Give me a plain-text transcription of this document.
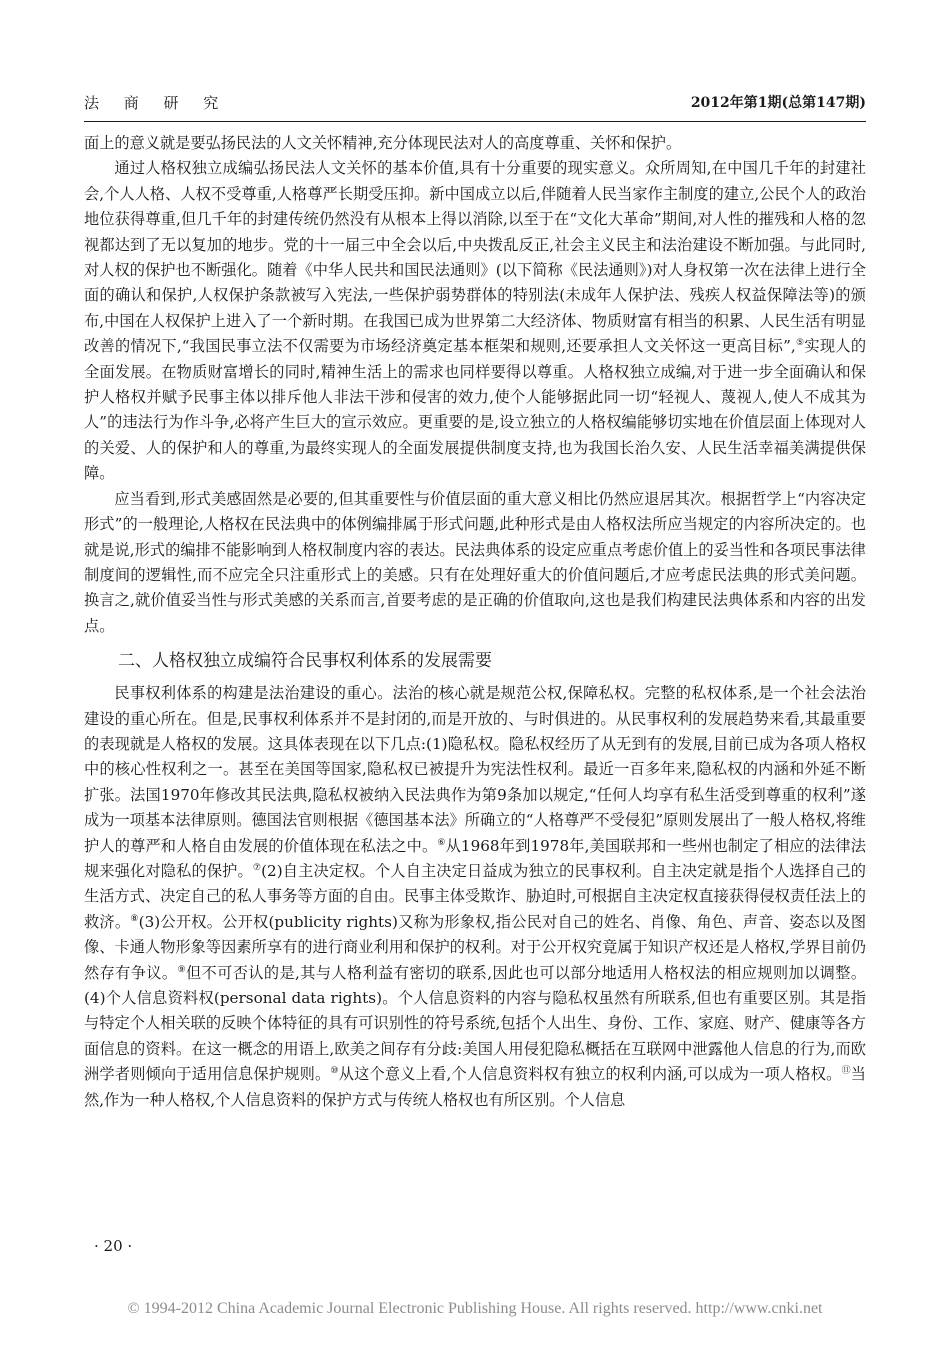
法 商 研 究	2012年第1期(总第147期)

面上的意义就是要弘扬民法的人文关怀精神,充分体现民法对人的高度尊重、关怀和保护。

通过人格权独立成编弘扬民法人文关怀的基本价值,具有十分重要的现实意义。众所周知,在中国几千年的封建社会,个人人格、人权不受尊重,人格尊严长期受压抑。新中国成立以后,伴随着人民当家作主制度的建立,公民个人的政治地位获得尊重,但几千年的封建传统仍然没有从根本上得以消除,以至于在“文化大革命”期间,对人性的摧残和人格的忽视都达到了无以复加的地步。党的十一届三中全会以后,中央拨乱反正,社会主义民主和法治建设不断加强。与此同时,对人权的保护也不断强化。随着《中华人民共和国民法通则》(以下简称《民法通则》)对人身权第一次在法律上进行全面的确认和保护,人权保护条款被写入宪法,一些保护弱势群体的特别法(未成年人保护法、残疾人权益保障法等)的颁布,中国在人权保护上进入了一个新时期。在我国已成为世界第二大经济体、物质财富有相当的积累、人民生活有明显改善的情况下,“我国民事立法不仅需要为市场经济奠定基本框架和规则,还要承担人文关怀这一更高目标”,⑤实现人的全面发展。在物质财富增长的同时,精神生活上的需求也同样要得以尊重。人格权独立成编,对于进一步全面确认和保护人格权并赋予民事主体以排斥他人非法干涉和侵害的效力,使个人能够据此同一切“轻视人、蔑视人,使人不成其为人”的违法行为作斗争,必将产生巨大的宣示效应。更重要的是,设立独立的人格权编能够切实地在价值层面上体现对人的关爱、人的保护和人的尊重,为最终实现人的全面发展提供制度支持,也为我国长治久安、人民生活幸福美满提供保障。

应当看到,形式美感固然是必要的,但其重要性与价值层面的重大意义相比仍然应退居其次。根据哲学上“内容决定形式”的一般理论,人格权在民法典中的体例编排属于形式问题,此种形式是由人格权法所应当规定的内容所决定的。也就是说,形式的编排不能影响到人格权制度内容的表达。民法典体系的设定应重点考虑价值上的妥当性和各项民事法律制度间的逻辑性,而不应完全只注重形式上的美感。只有在处理好重大的价值问题后,才应考虑民法典的形式美问题。换言之,就价值妥当性与形式美感的关系而言,首要考虑的是正确的价值取向,这也是我们构建民法典体系和内容的出发点。

二、人格权独立成编符合民事权利体系的发展需要

民事权利体系的构建是法治建设的重心。法治的核心就是规范公权,保障私权。完整的私权体系,是一个社会法治建设的重心所在。但是,民事权利体系并不是封闭的,而是开放的、与时俱进的。从民事权利的发展趋势来看,其最重要的表现就是人格权的发展。这具体表现在以下几点:(1)隐私权。隐私权经历了从无到有的发展,目前已成为各项人格权中的核心性权利之一。甚至在美国等国家,隐私权已被提升为宪法性权利。最近一百多年来,隐私权的内涵和外延不断扩张。法国1970年修改其民法典,隐私权被纳入民法典作为第9条加以规定,“任何人均享有私生活受到尊重的权利”遂成为一项基本法律原则。德国法官则根据《德国基本法》所确立的“人格尊严不受侵犯”原则发展出了一般人格权,将维护人的尊严和人格自由发展的价值体现在私法之中。⑥从1968年到1978年,美国联邦和一些州也制定了相应的法律法规来强化对隐私的保护。⑦(2)自主决定权。个人自主决定日益成为独立的民事权利。自主决定就是指个人选择自己的生活方式、决定自己的私人事务等方面的自由。民事主体受欺诈、胁迫时,可根据自主决定权直接获得侵权责任法上的救济。⑧(3)公开权。公开权(publicity rights)又称为形象权,指公民对自己的姓名、肖像、角色、声音、姿态以及图像、卡通人物形象等因素所享有的进行商业利用和保护的权利。对于公开权究竟属于知识产权还是人格权,学界目前仍然存有争议。⑨但不可否认的是,其与人格利益有密切的联系,因此也可以部分地适用人格权法的相应规则加以调整。(4)个人信息资料权(personal data rights)。个人信息资料的内容与隐私权虽然有所联系,但也有重要区别。其是指与特定个人相关联的反映个体特征的具有可识别性的符号系统,包括个人出生、身份、工作、家庭、财产、健康等各方面信息的资料。在这一概念的用语上,欧美之间存有分歧:美国人用侵犯隐私概括在互联网中泄露他人信息的行为,而欧洲学者则倾向于适用信息保护规则。⑩从这个意义上看,个人信息资料权有独立的权利内涵,可以成为一项人格权。⑪当然,作为一种人格权,个人信息资料的保护方式与传统人格权也有所区别。个人信息

· 20 ·
© 1994-2012 China Academic Journal Electronic Publishing House. All rights reserved. http://www.cnki.net
